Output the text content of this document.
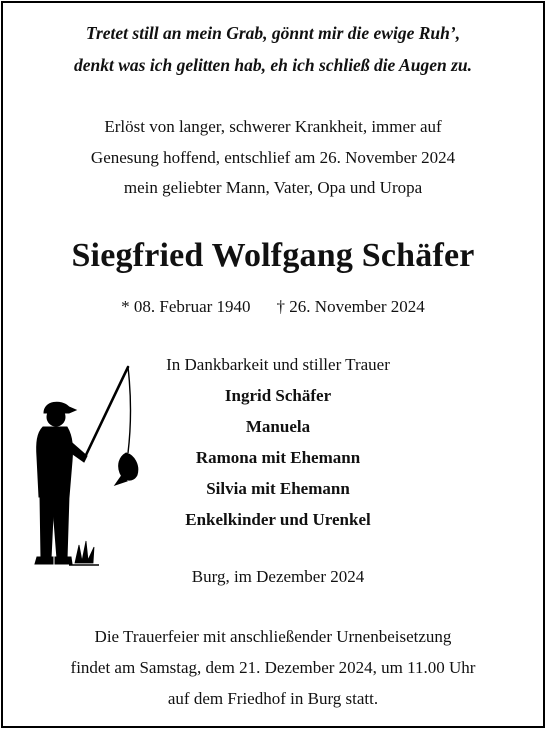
Tretet still an mein Grab, gönnt mir die ewige Ruh’,
denkt was ich gelitten hab, eh ich schließ die Augen zu.
Erlöst von langer, schwerer Krankheit, immer auf
Genesung hoffend, entschlief am 26. November 2024
mein geliebter Mann, Vater, Opa und Uropa
Siegfried Wolfgang Schäfer
* 08. Februar 1940 † 26. November 2024
In Dankbarkeit und stiller Trauer
Ingrid Schäfer
Manuela
Ramona mit Ehemann
Silvia mit Ehemann
Enkelkinder und Urenkel
Burg, im Dezember 2024
Die Trauerfeier mit anschließender Urnenbeisetzung
findet am Samstag, dem 21. Dezember 2024, um 11.00 Uhr
auf dem Friedhof in Burg statt.
